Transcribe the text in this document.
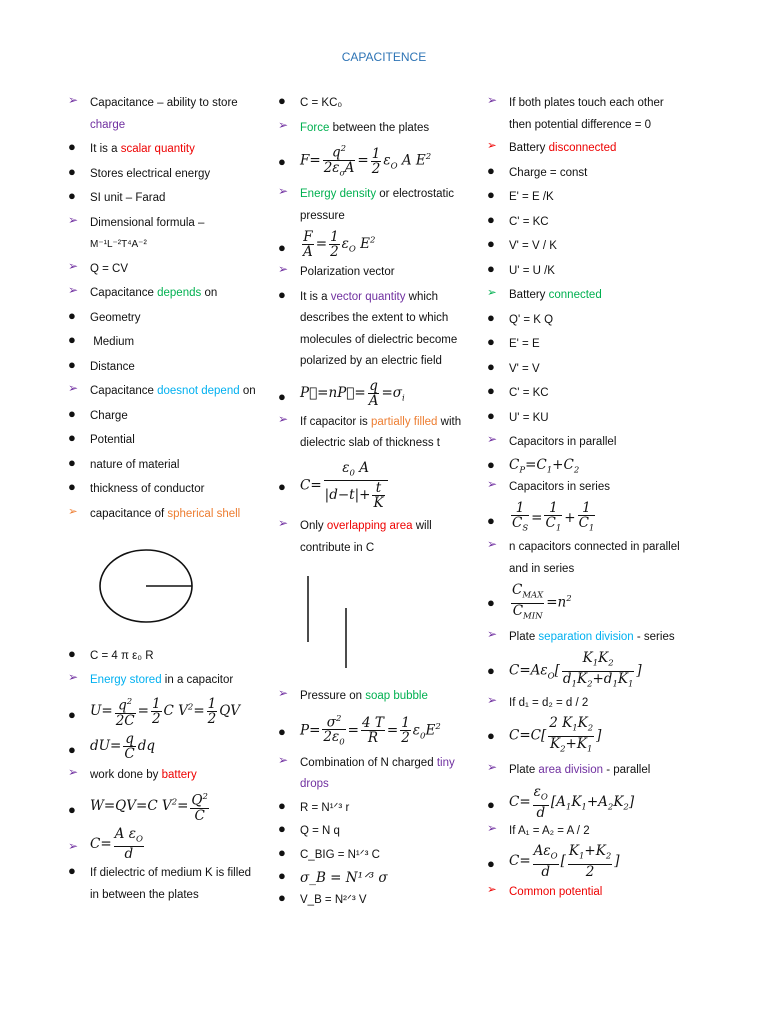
CAPACITENCE
➢	Capacitance – ability to store
charge
●	It is a scalar quantity
●	Stores electrical energy
●	SI unit – Farad
➢	Dimensional formula –
M⁻¹L⁻²T⁴A⁻²
➢	Q = CV
➢	Capacitance depends on
●	Geometry
●	Medium
●	Distance
➢	Capacitance doesnot depend on
●	Charge
●	Potential
●	nature of material
●	thickness of conductor
➢	capacitance of spherical shell
●	C = 4 π ε₀ R
➢	Energy stored in a capacitor
●	$U= \frac{q^2}{2C} = \frac{1}{2}$ C $V^2= \frac{1}{2}$ QV
●	$dU= \frac{q}{C}$ dq
➢	work done by battery
●	W=QV=C $V^2= \frac{Q^2}{C}$
➢ $C= \frac{A \varepsilon_O}{d}$
●	If dielectric of medium K is filled
in between the plates
●	C = KC₀
➢	Force between the plates
●	$F= \frac{q^2}{2\varepsilon_oA} = \frac{1}{2} \varepsilon_O$ A $E^2$
➢	Energy density or electrostatic
pressure
●	$\frac{F}{A} = \frac{1}{2} \varepsilon_O$ $E^2$
➢	Polarization vector
●	It is a vector quantity which
describes the extent to which
molecules of dielectric become
polarized by an electric field
●	P⃗=nP⃗= $\frac{q}{A} =\sigma_i$
➢	If capacitor is partially filled with
dielectric slab of thickness t
●	$C= \frac{\varepsilon_0 A}{|d-t|+ \frac{t}{K}}$
➢	Only overlapping area will
contribute in C
➢	Pressure on soap bubble
●	$P= \frac{\sigma^2}{2\varepsilon_0} = \frac{4 T}{R} = \frac{1}{2} \varepsilon_0E^2$
➢	Combination of N charged tiny
drops
●	R = N¹ᐟ³ r
●	Q = N q
●	C_BIG = N¹ᐟ³ C
●	σ_B = N¹ᐟ³ σ
●	V_B = N²ᐟ³ V
➢	If both plates touch each other
then potential difference = 0
➢	Battery disconnected
●	Charge = const
●	E' = E /K
●	C' = KC
●	V' = V / K
●	U' = U /K
➢	Battery connected
●	Q' = K Q
●	E' = E
●	V' = V
●	C' = KC
●	U' = KU
➢	Capacitors in parallel
●	$C_P=C_1+C_2$
➢	Capacitors in series
●	$\frac{1}{C_S} = \frac{1}{C_1} + \frac{1}{C_1}$
➢	n capacitors connected in parallel
and in series
●	$\frac{C_{MAX}}{C_{MIN}} =n^2$
➢	Plate separation division - series
●	$C=A\varepsilon_O[ \frac{K_1K_2}{d_1K_2+d_1K_1}$ ]
➢	If d₁ = d₂ = d / 2
●	$C=C[ \frac{2 K_1K_2}{K_2+K_1}$ ]
➢	Plate area division - parallel
●	$C= \frac{\varepsilon_O}{d} [A_1K_1+A_2K_2]$
➢	If A₁ = A₂ = A / 2
●	$C= \frac{A\varepsilon_O}{d}$ [ $\frac{K_1+K_2}{2}$ ]
➢	Common potential
